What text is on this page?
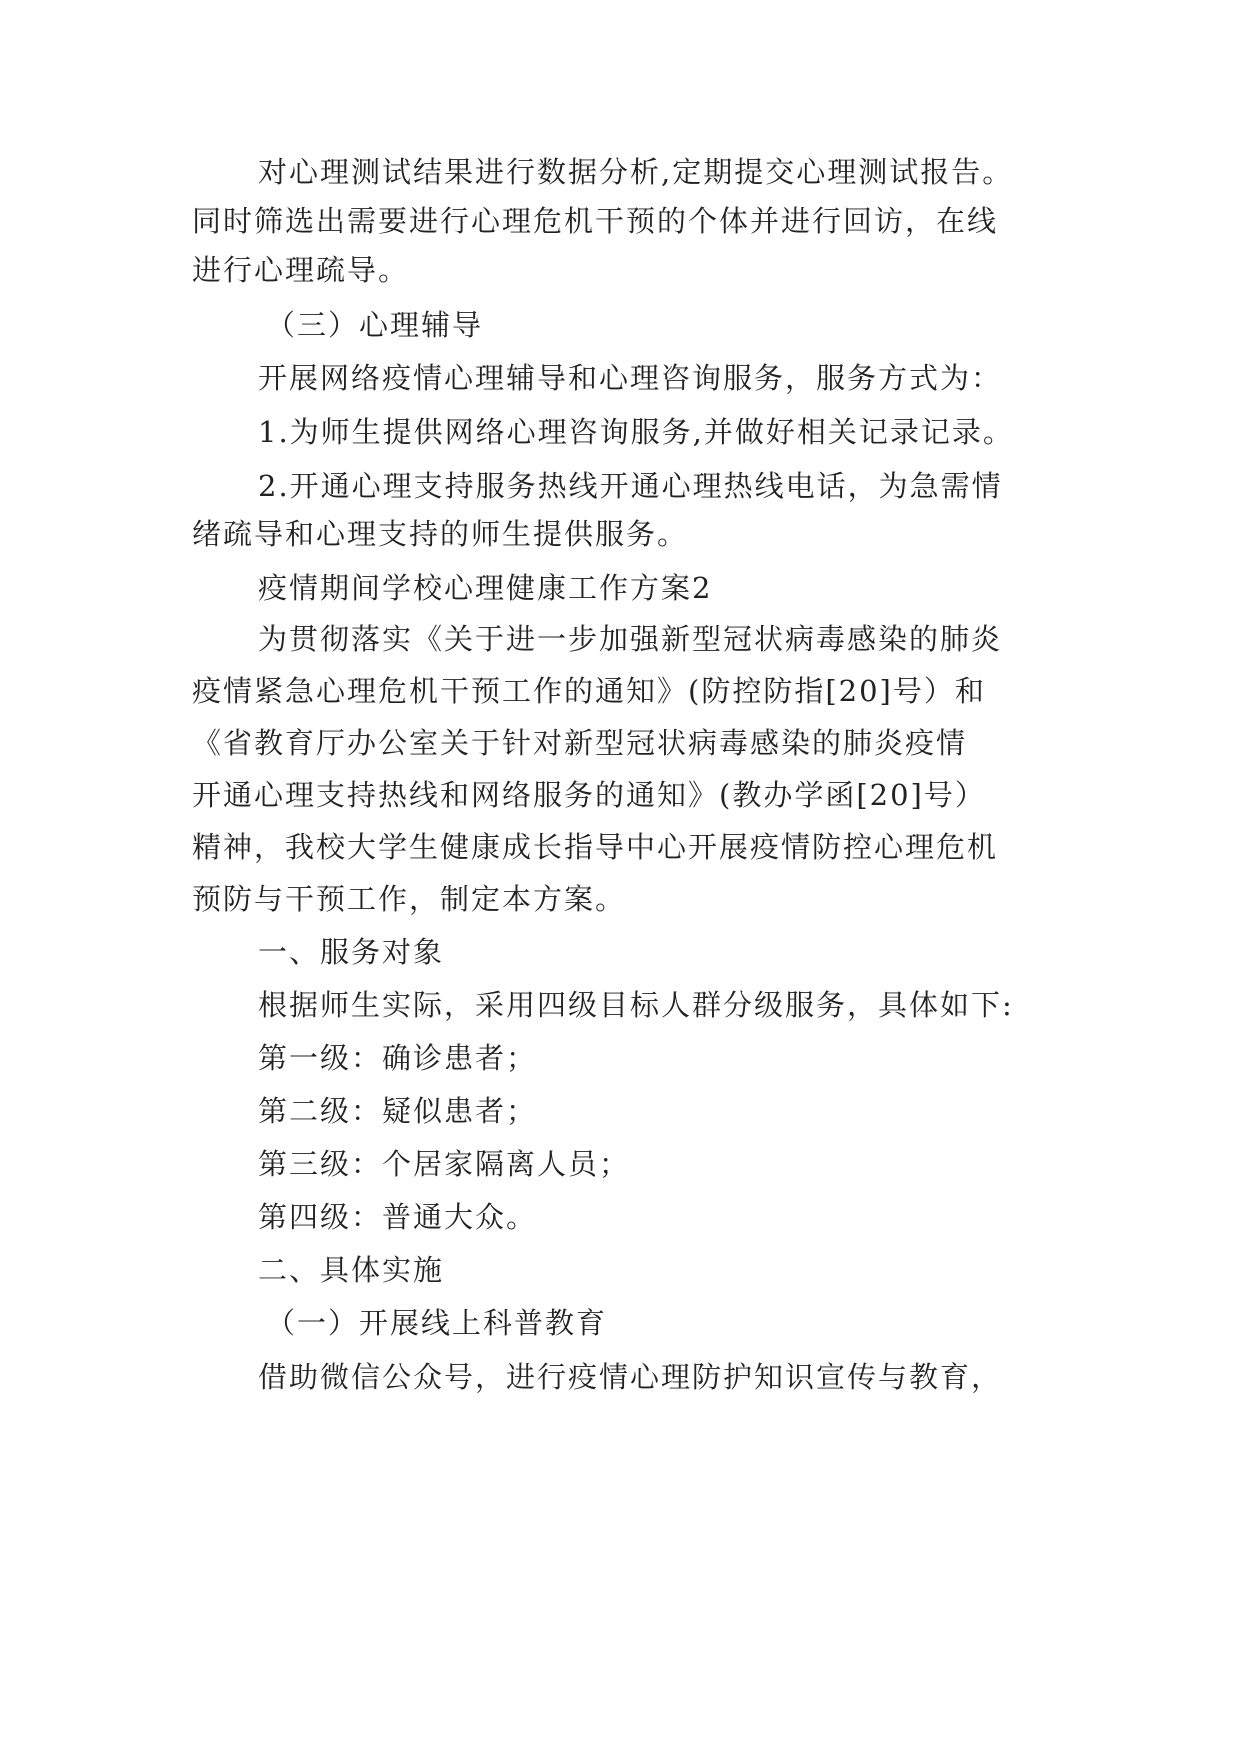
对心理测试结果进行数据分析,定期提交心理测试报告。
同时筛选出需要进行心理危机干预的个体并进行回访，在线
进行心理疏导。
（三）心理辅导
开展网络疫情心理辅导和心理咨询服务，服务方式为：
1.为师生提供网络心理咨询服务,并做好相关记录记录。
2.开通心理支持服务热线开通心理热线电话，为急需情
绪疏导和心理支持的师生提供服务。
疫情期间学校心理健康工作方案2
为贯彻落实《关于进一步加强新型冠状病毒感染的肺炎
疫情紧急心理危机干预工作的通知》(防控防指[20]号）和
《省教育厅办公室关于针对新型冠状病毒感染的肺炎疫情
开通心理支持热线和网络服务的通知》(教办学函[20]号）
精神，我校大学生健康成长指导中心开展疫情防控心理危机
预防与干预工作，制定本方案。
一、服务对象
根据师生实际，采用四级目标人群分级服务，具体如下:
第一级：确诊患者；
第二级：疑似患者；
第三级：个居家隔离人员；
第四级：普通大众。
二、具体实施
（一）开展线上科普教育
借助微信公众号，进行疫情心理防护知识宣传与教育，
